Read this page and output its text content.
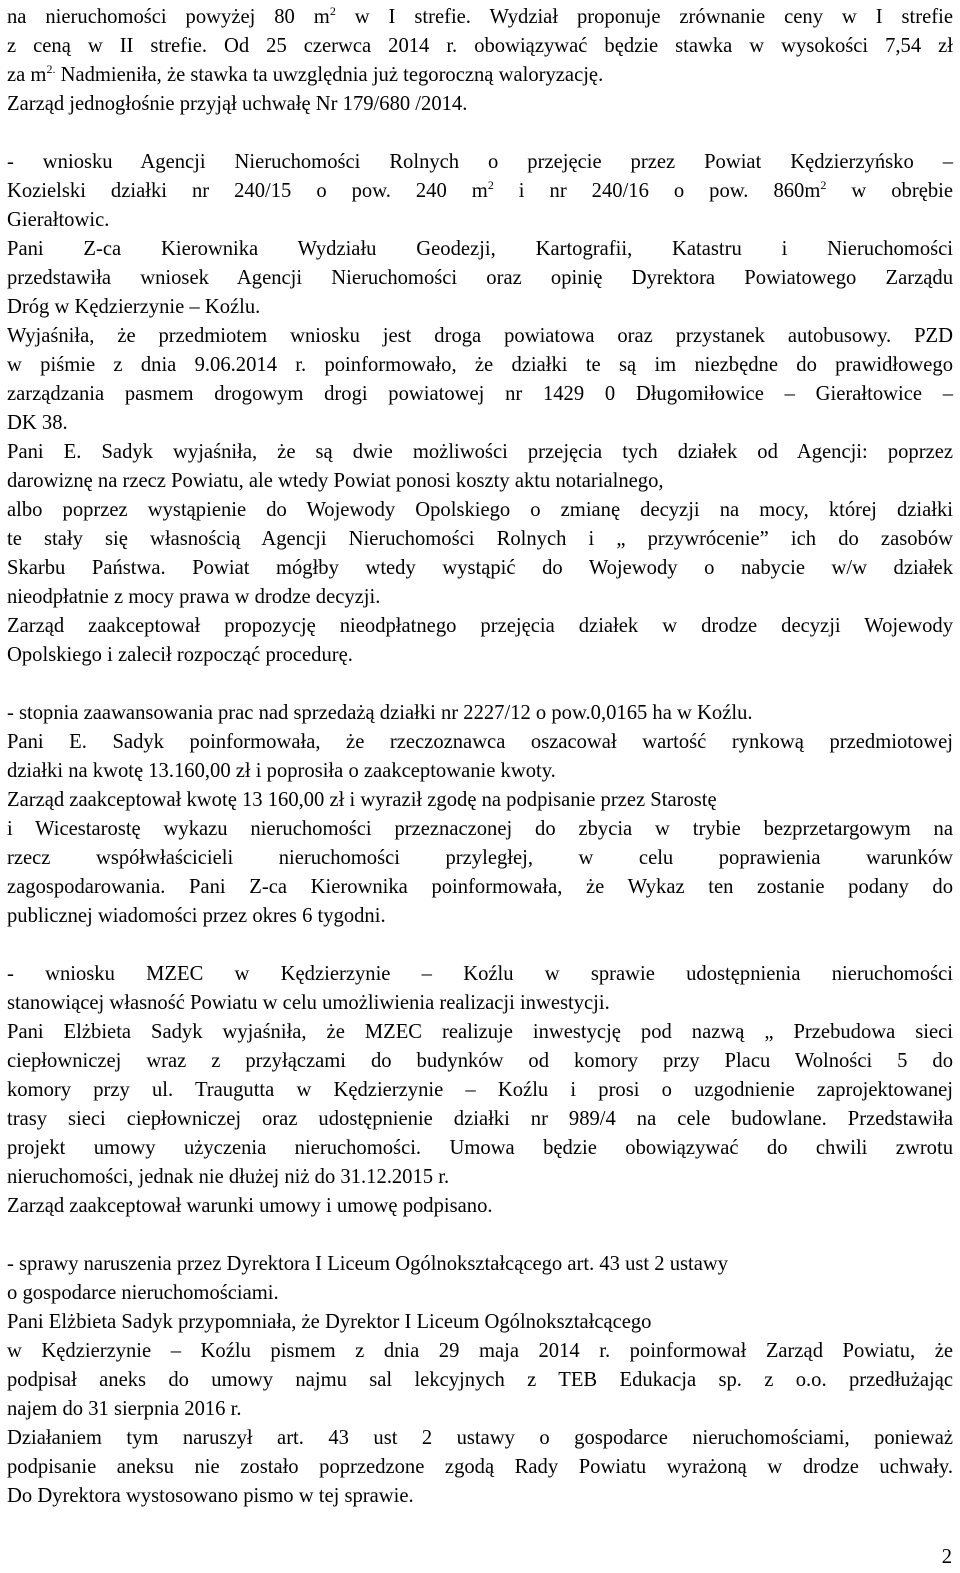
na nieruchomości powyżej 80 $m^2$ w I strefie. Wydział proponuje zrównanie ceny w I strefie
z ceną w II strefie. Od 25 czerwca 2014 r. obowiązywać będzie stawka w wysokości 7,54 zł
za $m^{2.}$ Nadmieniła, że stawka ta uwzględnia już tegoroczną waloryzację.
Zarząd jednogłośnie przyjął uchwałę Nr 179/680 /2014.
- wniosku Agencji Nieruchomości Rolnych o przejęcie przez Powiat Kędzierzyńsko –
Kozielski działki nr 240/15 o pow. 240 $m^2$ i nr 240/16 o pow. $860m^2$ w obrębie
Gierałtowic.
Pani Z-ca Kierownika Wydziału Geodezji, Kartografii, Katastru i Nieruchomości
przedstawiła wniosek Agencji Nieruchomości oraz opinię Dyrektora Powiatowego Zarządu
Dróg w Kędzierzynie – Koźlu.
Wyjaśniła, że przedmiotem wniosku jest droga powiatowa oraz przystanek autobusowy. PZD
w piśmie z dnia 9.06.2014 r. poinformowało, że działki te są im niezbędne do prawidłowego
zarządzania pasmem drogowym drogi powiatowej nr 1429 0 Długomiłowice – Gierałtowice –
DK 38.
Pani E. Sadyk wyjaśniła, że są dwie możliwości przejęcia tych działek od Agencji: poprzez
darowiznę na rzecz Powiatu, ale wtedy Powiat ponosi koszty aktu notarialnego,
albo poprzez wystąpienie do Wojewody Opolskiego o zmianę decyzji na mocy, której działki
te stały się własnością Agencji Nieruchomości Rolnych i „ przywrócenie” ich do zasobów
Skarbu Państwa. Powiat mógłby wtedy wystąpić do Wojewody o nabycie w/w działek
nieodpłatnie z mocy prawa w drodze decyzji.
Zarząd zaakceptował propozycję nieodpłatnego przejęcia działek w drodze decyzji Wojewody
Opolskiego i zalecił rozpocząć procedurę.
- stopnia zaawansowania prac nad sprzedażą działki nr 2227/12 o pow.0,0165 ha w Koźlu.
Pani E. Sadyk poinformowała, że rzeczoznawca oszacował wartość rynkową przedmiotowej
działki na kwotę 13.160,00 zł i poprosiła o zaakceptowanie kwoty.
Zarząd zaakceptował kwotę 13 160,00 zł i wyraził zgodę na podpisanie przez Starostę
i Wicestarostę wykazu nieruchomości przeznaczonej do zbycia w trybie bezprzetargowym na
rzecz współwłaścicieli nieruchomości przyległej, w celu poprawienia warunków
zagospodarowania. Pani Z-ca Kierownika poinformowała, że Wykaz ten zostanie podany do
publicznej wiadomości przez okres 6 tygodni.
- wniosku MZEC w Kędzierzynie – Koźlu w sprawie udostępnienia nieruchomości
stanowiącej własność Powiatu w celu umożliwienia realizacji inwestycji.
Pani Elżbieta Sadyk wyjaśniła, że MZEC realizuje inwestycję pod nazwą „ Przebudowa sieci
ciepłowniczej wraz z przyłączami do budynków od komory przy Placu Wolności 5 do
komory przy ul. Traugutta w Kędzierzynie – Koźlu i prosi o uzgodnienie zaprojektowanej
trasy sieci ciepłowniczej oraz udostępnienie działki nr 989/4 na cele budowlane. Przedstawiła
projekt umowy użyczenia nieruchomości. Umowa będzie obowiązywać do chwili zwrotu
nieruchomości, jednak nie dłużej niż do 31.12.2015 r.
Zarząd zaakceptował warunki umowy i umowę podpisano.
- sprawy naruszenia przez Dyrektora I Liceum Ogólnokształcącego art. 43 ust 2 ustawy
o gospodarce nieruchomościami.
Pani Elżbieta Sadyk przypomniała, że Dyrektor I Liceum Ogólnokształcącego
w Kędzierzynie – Koźlu pismem z dnia 29 maja 2014 r. poinformował Zarząd Powiatu, że
podpisał aneks do umowy najmu sal lekcyjnych z TEB Edukacja sp. z o.o. przedłużając
najem do 31 sierpnia 2016 r.
Działaniem tym naruszył art. 43 ust 2 ustawy o gospodarce nieruchomościami, ponieważ
podpisanie aneksu nie zostało poprzedzone zgodą Rady Powiatu wyrażoną w drodze uchwały.
Do Dyrektora wystosowano pismo w tej sprawie.
2
